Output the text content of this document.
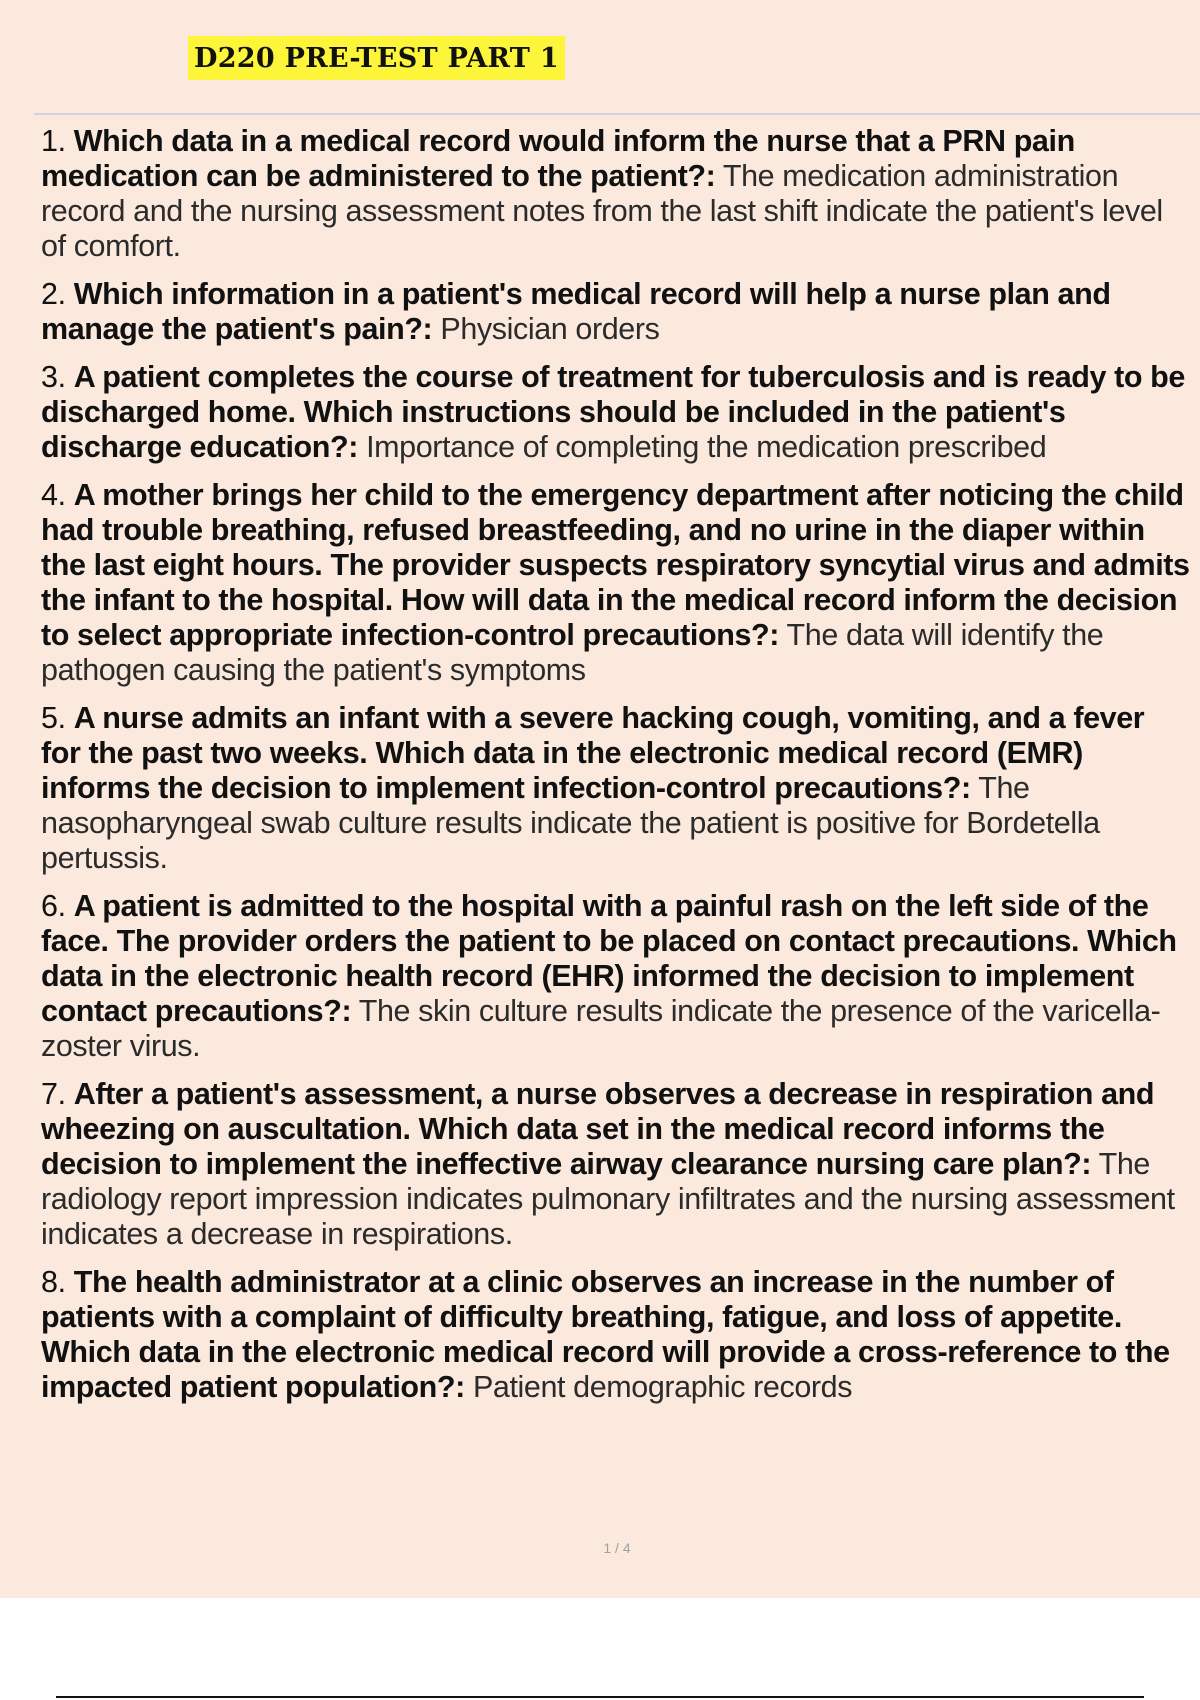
D220 PRE-TEST PART 1

1. Which data in a medical record would inform the nurse that a PRN pain medication can be administered to the patient?: The medication administration record and the nursing assessment notes from the last shift indicate the patient's level of comfort.

2. Which information in a patient's medical record will help a nurse plan and manage the patient's pain?: Physician orders

3. A patient completes the course of treatment for tuberculosis and is ready to be discharged home. Which instructions should be included in the patient's discharge education?: Importance of completing the medication prescribed

4. A mother brings her child to the emergency department after noticing the child had trouble breathing, refused breastfeeding, and no urine in the diaper within the last eight hours. The provider suspects respiratory syncytial virus and admits the infant to the hospital. How will data in the medical record inform the decision to select appropriate infection-control precautions?: The data will identify the pathogen causing the patient's symptoms

5. A nurse admits an infant with a severe hacking cough, vomiting, and a fever for the past two weeks. Which data in the electronic medical record (EMR) informs the decision to implement infection-control precautions?: The nasopharyngeal swab culture results indicate the patient is positive for Bordetella pertussis.

6. A patient is admitted to the hospital with a painful rash on the left side of the face. The provider orders the patient to be placed on contact precautions. Which data in the electronic health record (EHR) informed the decision to implement contact precautions?: The skin culture results indicate the presence of the varicella-zoster virus.

7. After a patient's assessment, a nurse observes a decrease in respiration and wheezing on auscultation. Which data set in the medical record informs the decision to implement the ineffective airway clearance nursing care plan?: The radiology report impression indicates pulmonary infiltrates and the nursing assessment indicates a decrease in respirations.

8. The health administrator at a clinic observes an increase in the number of patients with a complaint of difficulty breathing, fatigue, and loss of appetite. Which data in the electronic medical record will provide a cross-reference to the impacted patient population?: Patient demographic records

1 / 4
